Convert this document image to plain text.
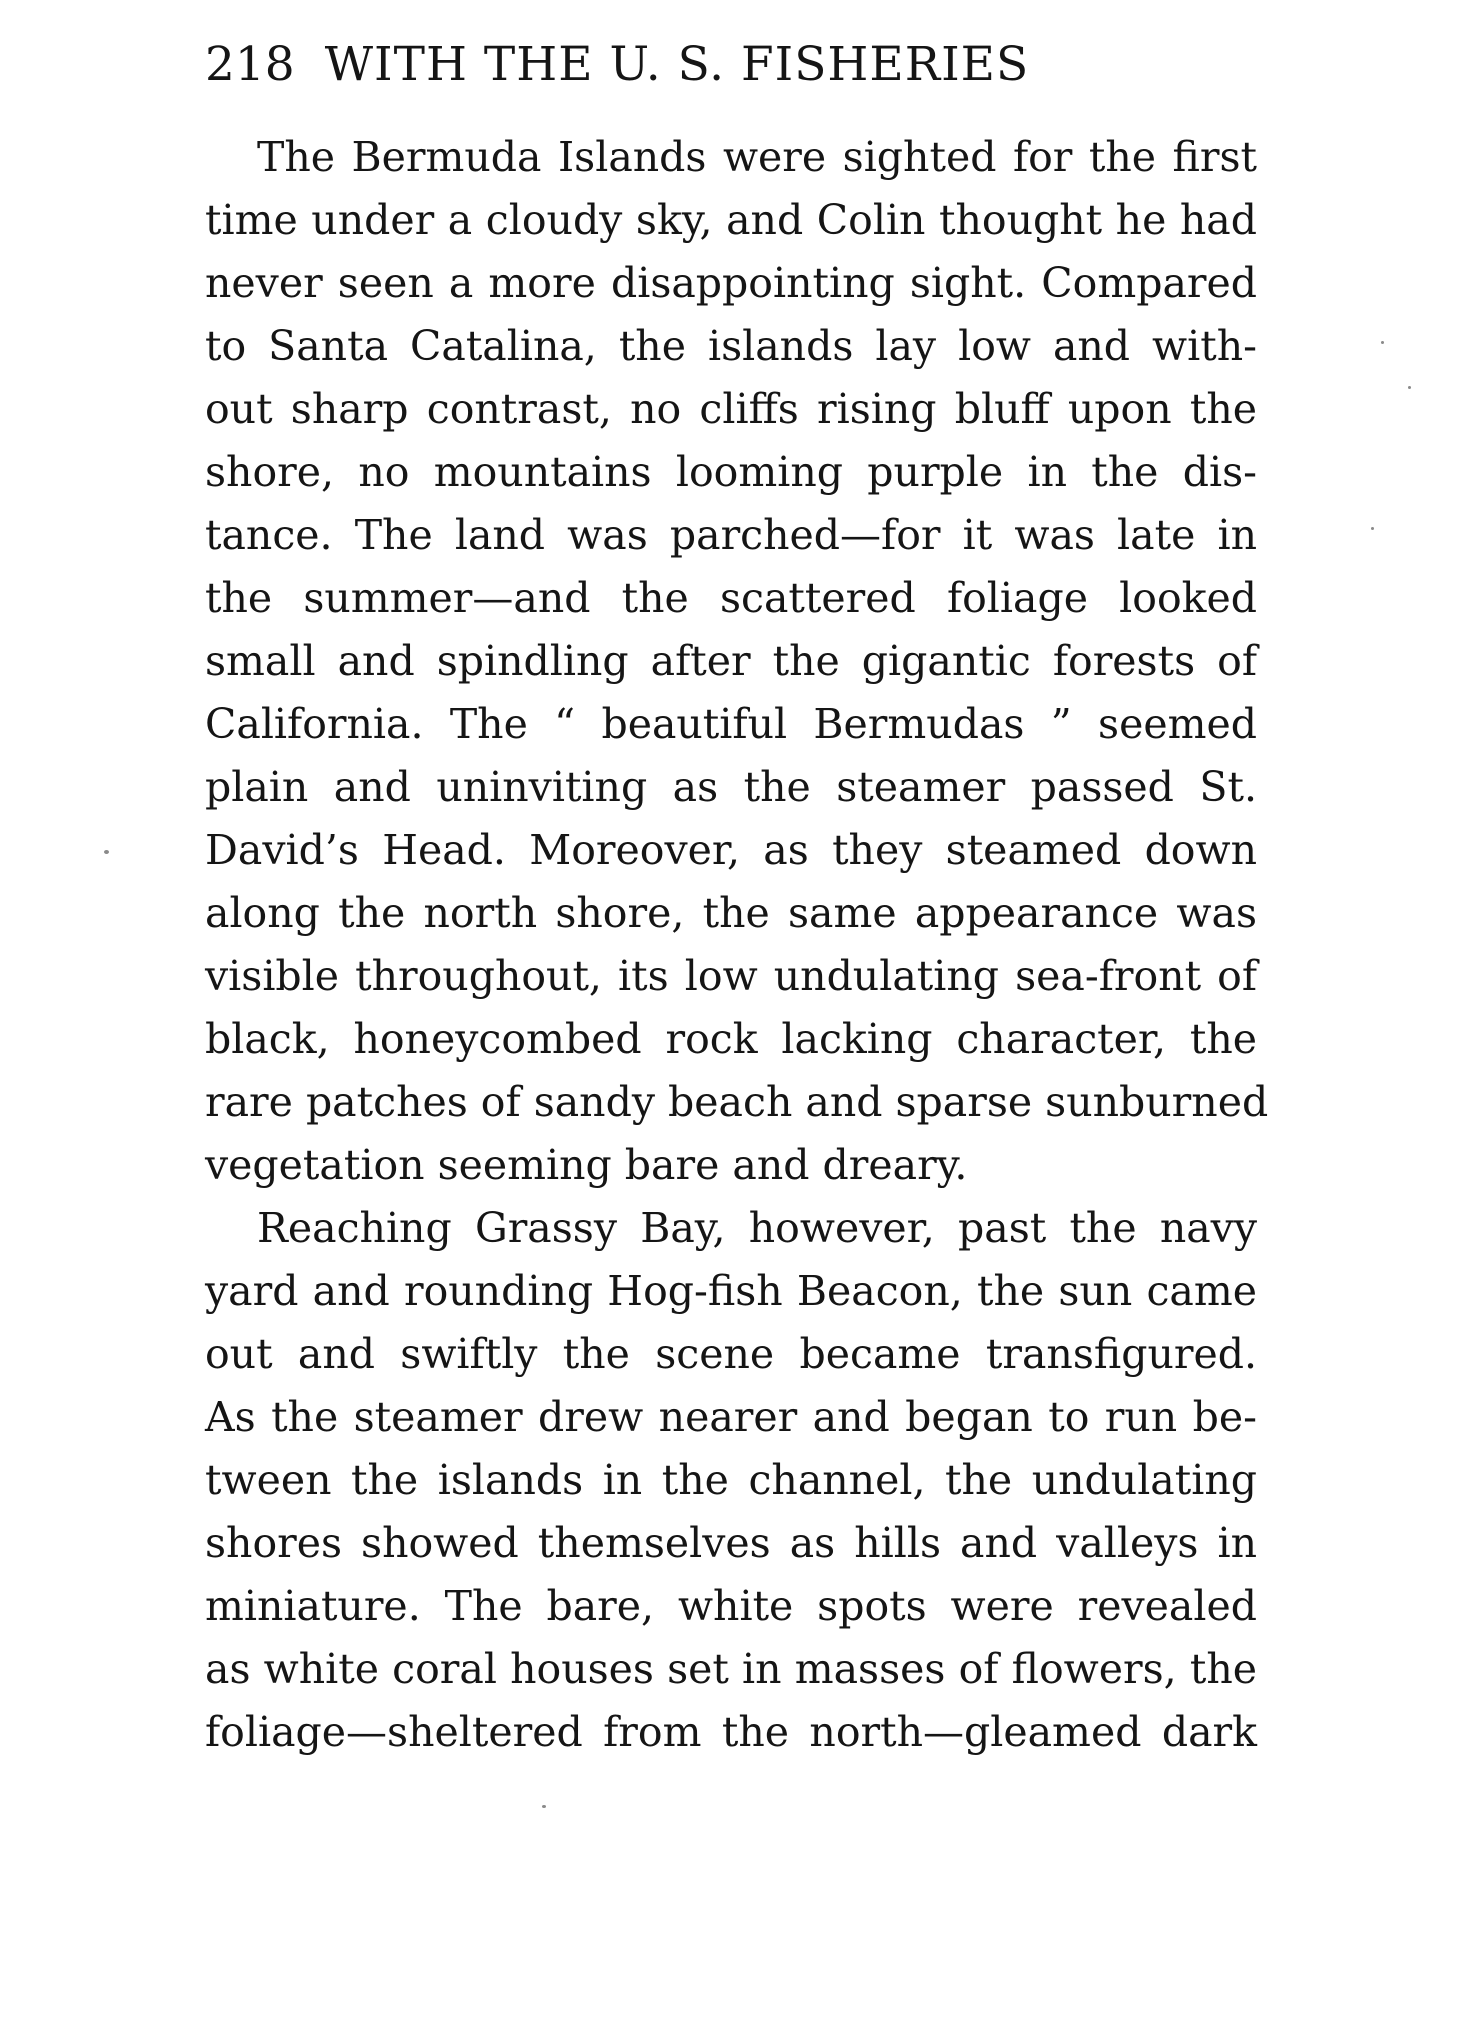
218 WITH THE U. S. FISHERIES
The Bermuda Islands were sighted for the first
time under a cloudy sky, and Colin thought he had
never seen a more disappointing sight. Compared
to Santa Catalina, the islands lay low and with-
out sharp contrast, no cliffs rising bluff upon the
shore, no mountains looming purple in the dis-
tance. The land was parched—for it was late in
the summer—and the scattered foliage looked
small and spindling after the gigantic forests of
California. The “ beautiful Bermudas ” seemed
plain and uninviting as the steamer passed St.
David’s Head. Moreover, as they steamed down
along the north shore, the same appearance was
visible throughout, its low undulating sea-front of
black, honeycombed rock lacking character, the
rare patches of sandy beach and sparse sunburned
vegetation seeming bare and dreary.
Reaching Grassy Bay, however, past the navy
yard and rounding Hog-fish Beacon, the sun came
out and swiftly the scene became transfigured.
As the steamer drew nearer and began to run be-
tween the islands in the channel, the undulating
shores showed themselves as hills and valleys in
miniature. The bare, white spots were revealed
as white coral houses set in masses of flowers, the
foliage—sheltered from the north—gleamed dark
